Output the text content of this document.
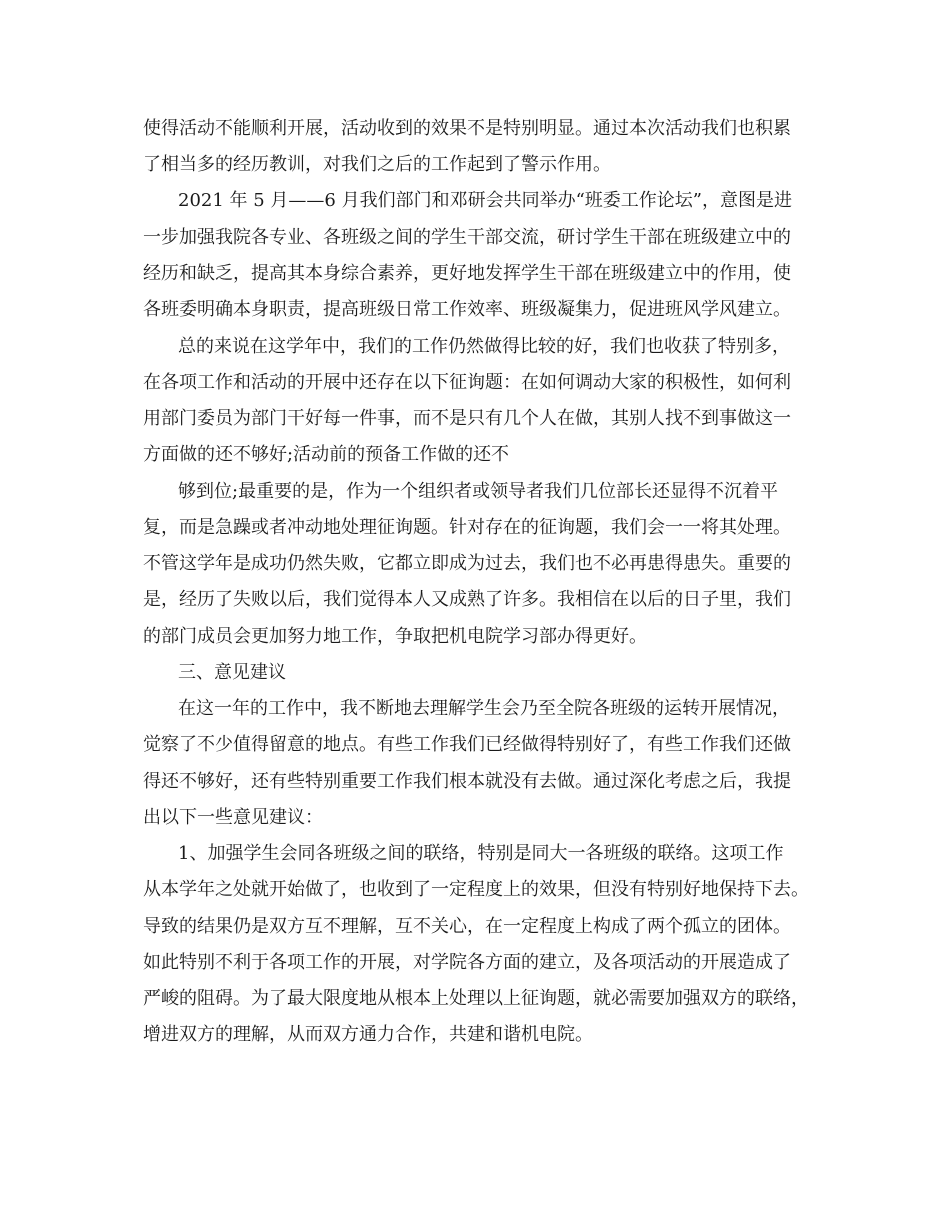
使得活动不能顺利开展，活动收到的效果不是特别明显。通过本次活动我们也积累
了相当多的经历教训，对我们之后的工作起到了警示作用。
2021 年 5 月——6 月我们部门和邓研会共同举办“班委工作论坛”，意图是进
一步加强我院各专业、各班级之间的学生干部交流，研讨学生干部在班级建立中的
经历和缺乏，提高其本身综合素养，更好地发挥学生干部在班级建立中的作用，使
各班委明确本身职责，提高班级日常工作效率、班级凝集力，促进班风学风建立。
总的来说在这学年中，我们的工作仍然做得比较的好，我们也收获了特别多，
在各项工作和活动的开展中还存在以下征询题：在如何调动大家的积极性，如何利
用部门委员为部门干好每一件事，而不是只有几个人在做，其别人找不到事做这一
方面做的还不够好;活动前的预备工作做的还不
够到位;最重要的是，作为一个组织者或领导者我们几位部长还显得不沉着平
复，而是急躁或者冲动地处理征询题。针对存在的征询题，我们会一一将其处理。
不管这学年是成功仍然失败，它都立即成为过去，我们也不必再患得患失。重要的
是，经历了失败以后，我们觉得本人又成熟了许多。我相信在以后的日子里，我们
的部门成员会更加努力地工作，争取把机电院学习部办得更好。
三、意见建议
在这一年的工作中，我不断地去理解学生会乃至全院各班级的运转开展情况，
觉察了不少值得留意的地点。有些工作我们已经做得特别好了，有些工作我们还做
得还不够好，还有些特别重要工作我们根本就没有去做。通过深化考虑之后，我提
出以下一些意见建议：
1、加强学生会同各班级之间的联络，特别是同大一各班级的联络。这项工作
从本学年之处就开始做了，也收到了一定程度上的效果，但没有特别好地保持下去。
导致的结果仍是双方互不理解，互不关心，在一定程度上构成了两个孤立的团体。
如此特别不利于各项工作的开展，对学院各方面的建立，及各项活动的开展造成了
严峻的阻碍。为了最大限度地从根本上处理以上征询题，就必需要加强双方的联络，
增进双方的理解，从而双方通力合作，共建和谐机电院。
